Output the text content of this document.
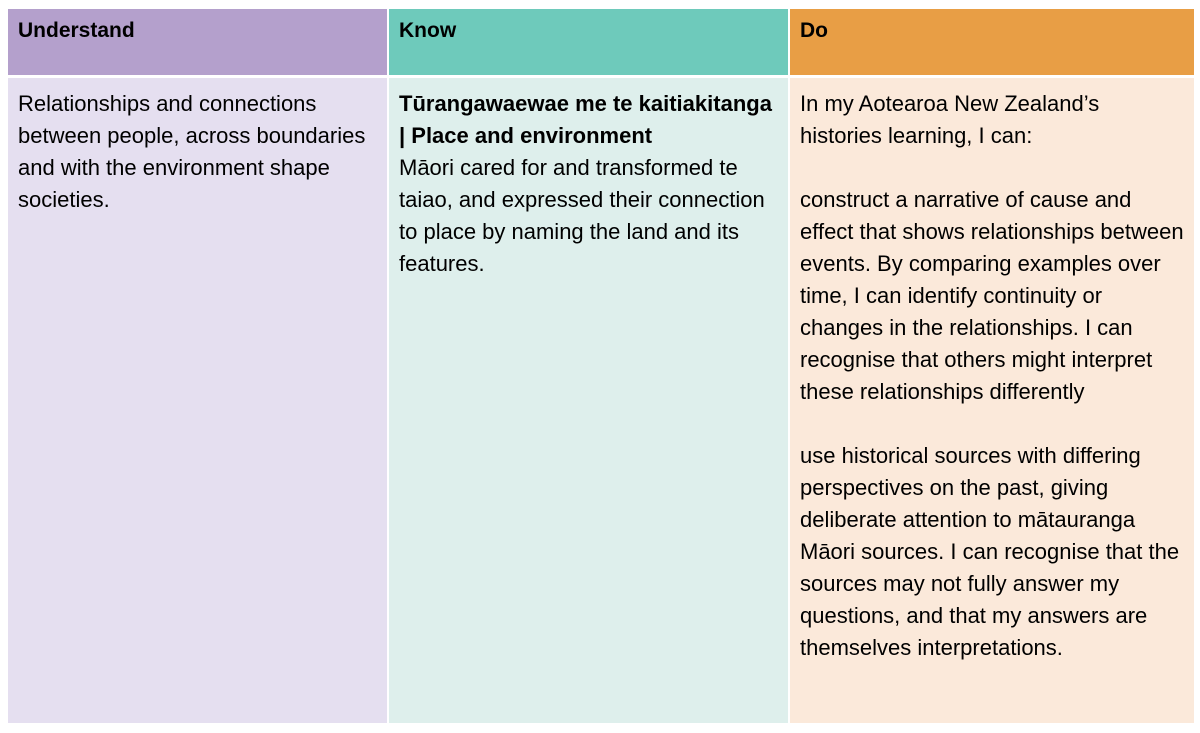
Understand	Know	Do

Relationships and connections between people, across boundaries and with the environment shape societies.

Tūrangawaewae me te kaitiakitanga | Place and environment

Māori cared for and transformed te taiao, and expressed their connection to place by naming the land and its features.

In my Aotearoa New Zealand’s histories learning, I can:

construct a narrative of cause and effect that shows relationships between events. By comparing examples over time, I can identify continuity or changes in the relationships. I can recognise that others might interpret these relationships differently

use historical sources with differing perspectives on the past, giving deliberate attention to mātauranga Māori sources. I can recognise that the sources may not fully answer my questions, and that my answers are themselves interpretations.
